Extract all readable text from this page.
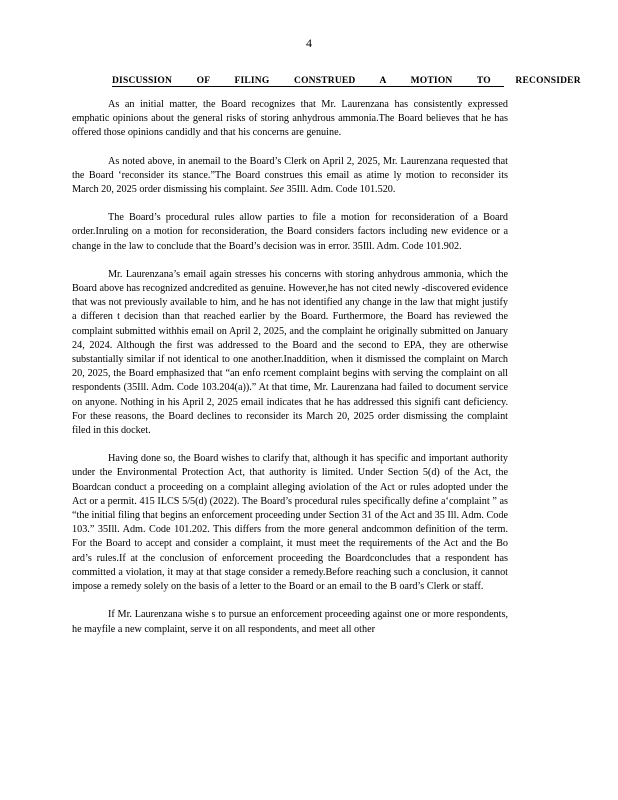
4
DISCUSSION OF FILING CONSTRUED A MOTION TO RECONSIDER

As an initial matter, the Board recognizes that Mr. Laurenzana has consistently expressed emphatic opinions about the general risks of storing anhydrous ammonia.The Board believes that he has offered those opinions candidly and that his concerns are genuine.

As noted above, in anemail to the Board’s Clerk on April 2, 2025, Mr. Laurenzana requested that the Board ‘reconsider its stance.”The Board construes this email as atime ly motion to reconsider its March 20, 2025 order dismissing his complaint. See 35Ill. Adm. Code 101.520.

The Board’s procedural rules allow parties to file a motion for reconsideration of a Board order.Inruling on a motion for reconsideration, the Board considers factors including new evidence or a change in the law to conclude that the Board’s decision was in error. 35Ill. Adm. Code 101.902.

Mr. Laurenzana’s email again stresses his concerns with storing anhydrous ammonia, which the Board above has recognized andcredited as genuine. However,he has not cited newly -discovered evidence that was not previously available to him, and he has not identified any change in the law that might justify a differen t decision than that reached earlier by the Board. Furthermore, the Board has reviewed the complaint submitted withhis email on April 2, 2025, and the complaint he originally submitted on January 24, 2024. Although the first was addressed to the Board and the second to EPA, they are otherwise substantially similar if not identical to one another.Inaddition, when it dismissed the complaint on March 20, 2025, the Board emphasized that “an enfo rcement complaint begins with serving the complaint on all respondents (35Ill. Adm. Code 103.204(a)).” At that time, Mr. Laurenzana had failed to document service on anyone. Nothing in his April 2, 2025 email indicates that he has addressed this signifi cant deficiency. For these reasons, the Board declines to reconsider its March 20, 2025 order dismissing the complaint filed in this docket.

Having done so, the Board wishes to clarify that, although it has specific and important authority under the Environmental Protection Act, that authority is limited. Under Section 5(d) of the Act, the Boardcan conduct a proceeding on a complaint alleging aviolation of the Act or rules adopted under the Act or a permit. 415 ILCS 5/5(d) (2022). The Board’s procedural rules specifically define a‘complaint ” as “the initial filing that begins an enforcement proceeding under Section 31 of the Act and 35 Ill. Adm. Code 103.” 35Ill. Adm. Code 101.202. This differs from the more general andcommon definition of the term. For the Board to accept and consider a complaint, it must meet the requirements of the Act and the Bo ard’s rules.If at the conclusion of enforcement proceeding the Boardconcludes that a respondent has committed a violation, it may at that stage consider a remedy.Before reaching such a conclusion, it cannot impose a remedy solely on the basis of a letter to the Board or an email to the B oard’s Clerk or staff.

If Mr. Laurenzana wishe s to pursue an enforcement proceeding against one or more respondents, he mayfile a new complaint, serve it on all respondents, and meet all other
